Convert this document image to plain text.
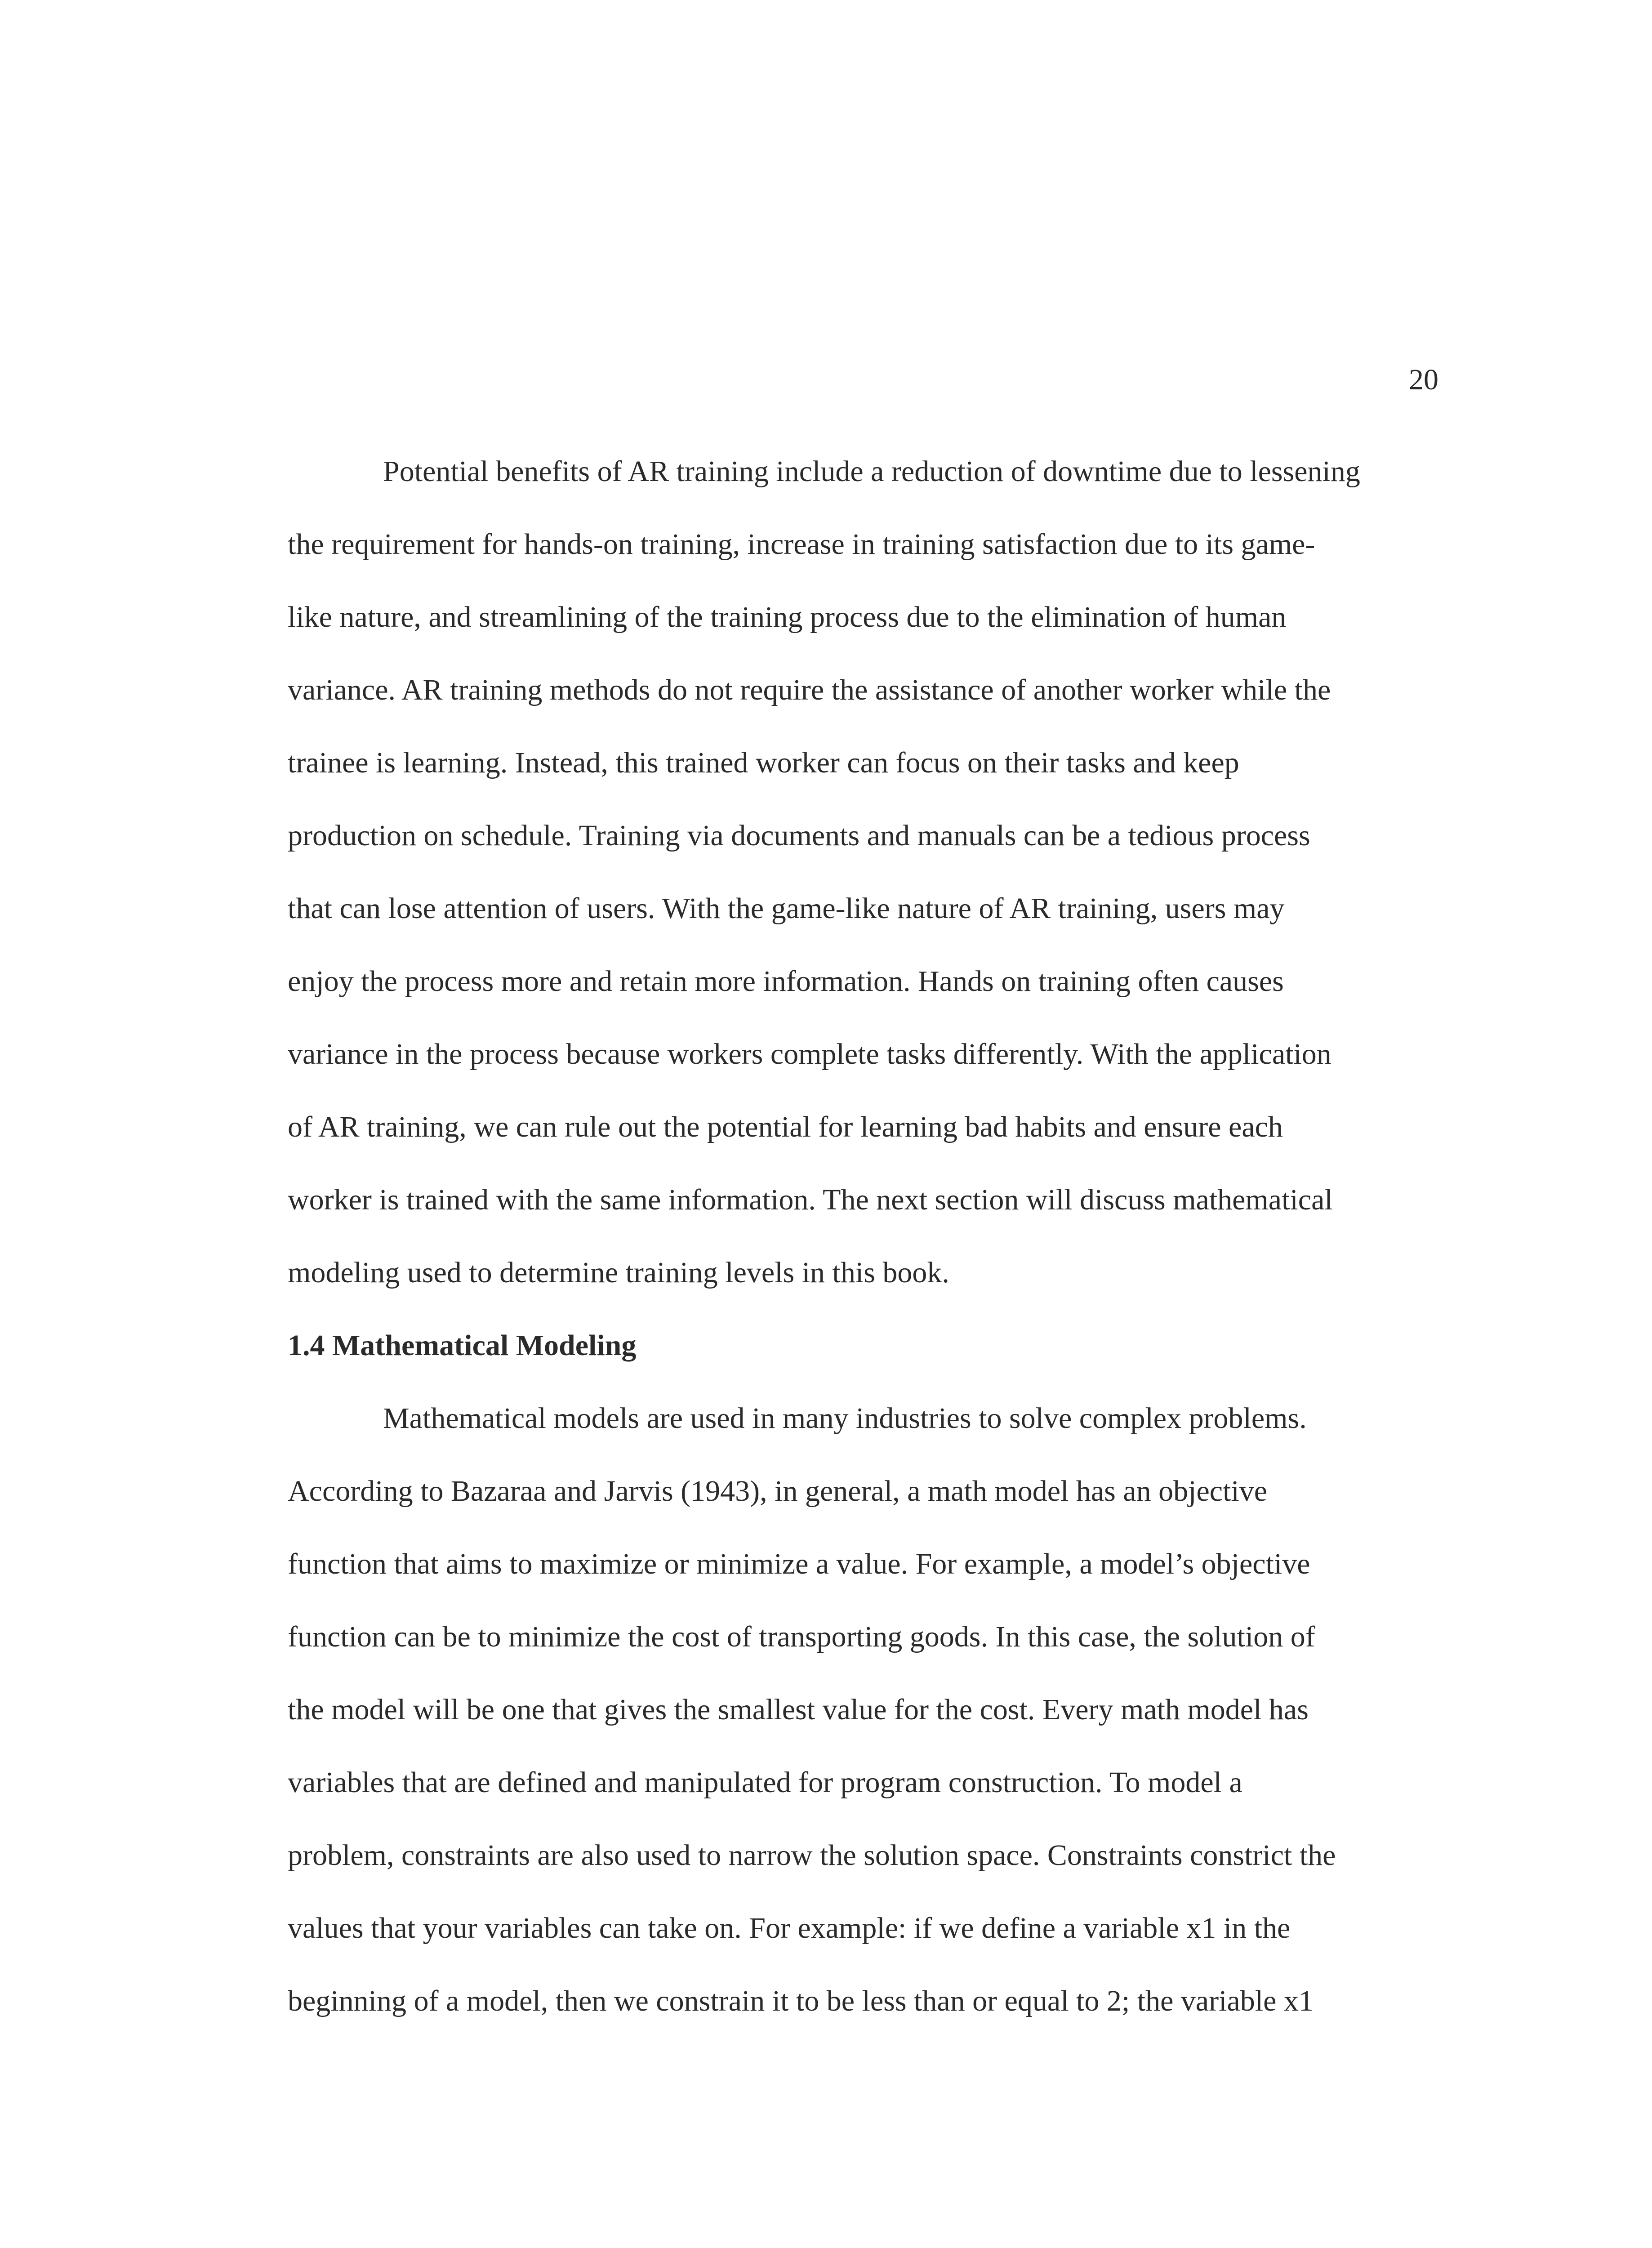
20
Potential benefits of AR training include a reduction of downtime due to lessening
the requirement for hands-on training, increase in training satisfaction due to its game-
like nature, and streamlining of the training process due to the elimination of human
variance. AR training methods do not require the assistance of another worker while the
trainee is learning. Instead, this trained worker can focus on their tasks and keep
production on schedule. Training via documents and manuals can be a tedious process
that can lose attention of users. With the game-like nature of AR training, users may
enjoy the process more and retain more information. Hands on training often causes
variance in the process because workers complete tasks differently. With the application
of AR training, we can rule out the potential for learning bad habits and ensure each
worker is trained with the same information. The next section will discuss mathematical
modeling used to determine training levels in this book.
1.4 Mathematical Modeling
Mathematical models are used in many industries to solve complex problems.
According to Bazaraa and Jarvis (1943), in general, a math model has an objective
function that aims to maximize or minimize a value. For example, a model’s objective
function can be to minimize the cost of transporting goods. In this case, the solution of
the model will be one that gives the smallest value for the cost. Every math model has
variables that are defined and manipulated for program construction. To model a
problem, constraints are also used to narrow the solution space. Constraints constrict the
values that your variables can take on. For example: if we define a variable x1 in the
beginning of a model, then we constrain it to be less than or equal to 2; the variable x1
